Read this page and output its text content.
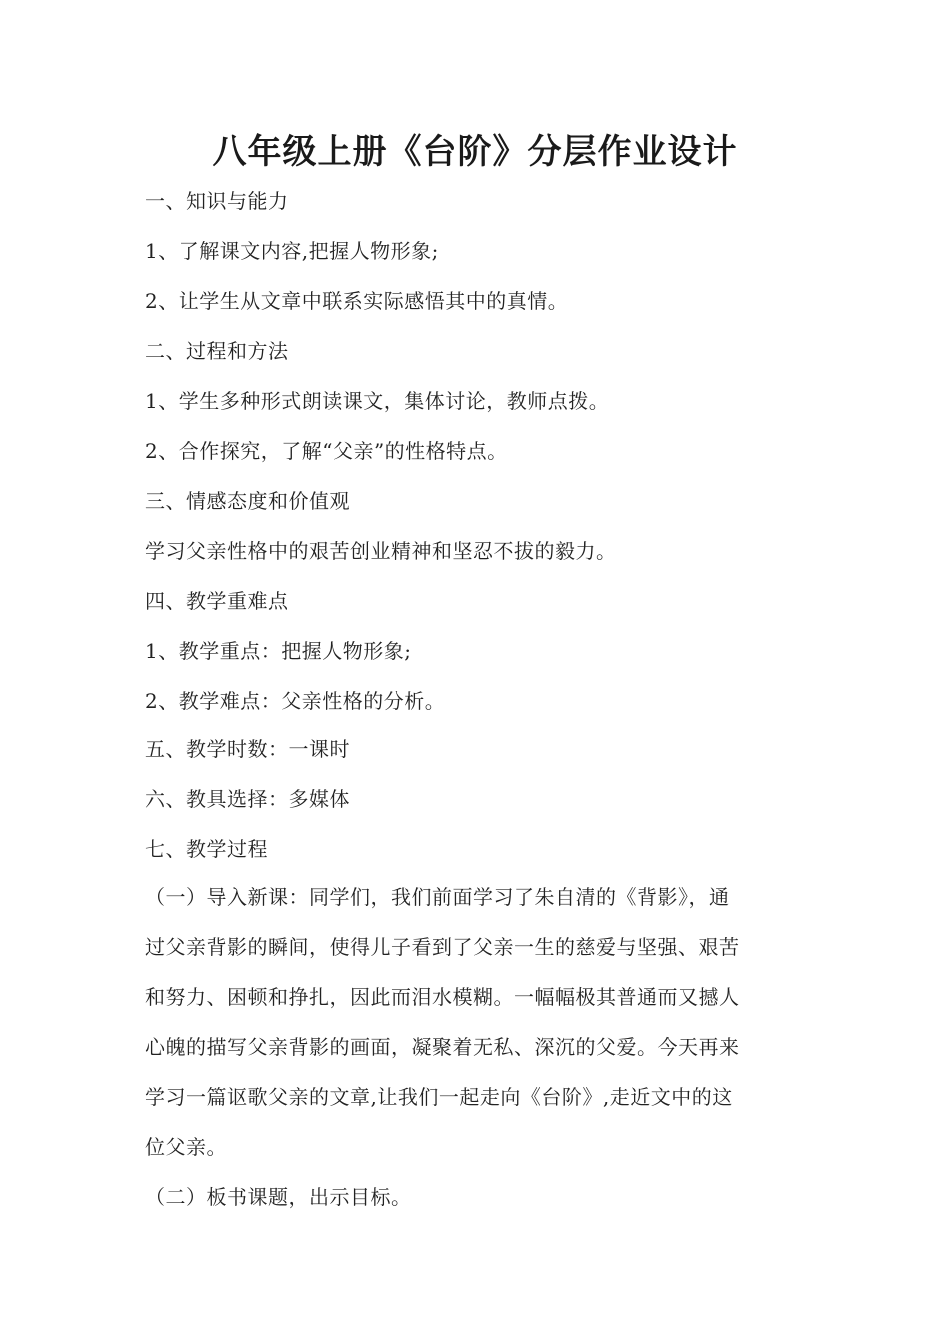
八年级上册《台阶》分层作业设计
一、知识与能力
1、了解课文内容,把握人物形象;
2、让学生从文章中联系实际感悟其中的真情。
二、过程和方法
1、学生多种形式朗读课文，集体讨论，教师点拨。
2、合作探究，了解“父亲”的性格特点。
三、情感态度和价值观
学习父亲性格中的艰苦创业精神和坚忍不拔的毅力。
四、教学重难点
1、教学重点：把握人物形象;
2、教学难点：父亲性格的分析。
五、教学时数：一课时
六、教具选择：多媒体
七、教学过程
（一）导入新课：同学们，我们前面学习了朱自清的《背影》，通
过父亲背影的瞬间，使得儿子看到了父亲一生的慈爱与坚强、艰苦
和努力、困顿和挣扎，因此而泪水模糊。一幅幅极其普通而又撼人
心魄的描写父亲背影的画面，凝聚着无私、深沉的父爱。今天再来
学习一篇讴歌父亲的文章,让我们一起走向《台阶》,走近文中的这
位父亲。
（二）板书课题，出示目标。
